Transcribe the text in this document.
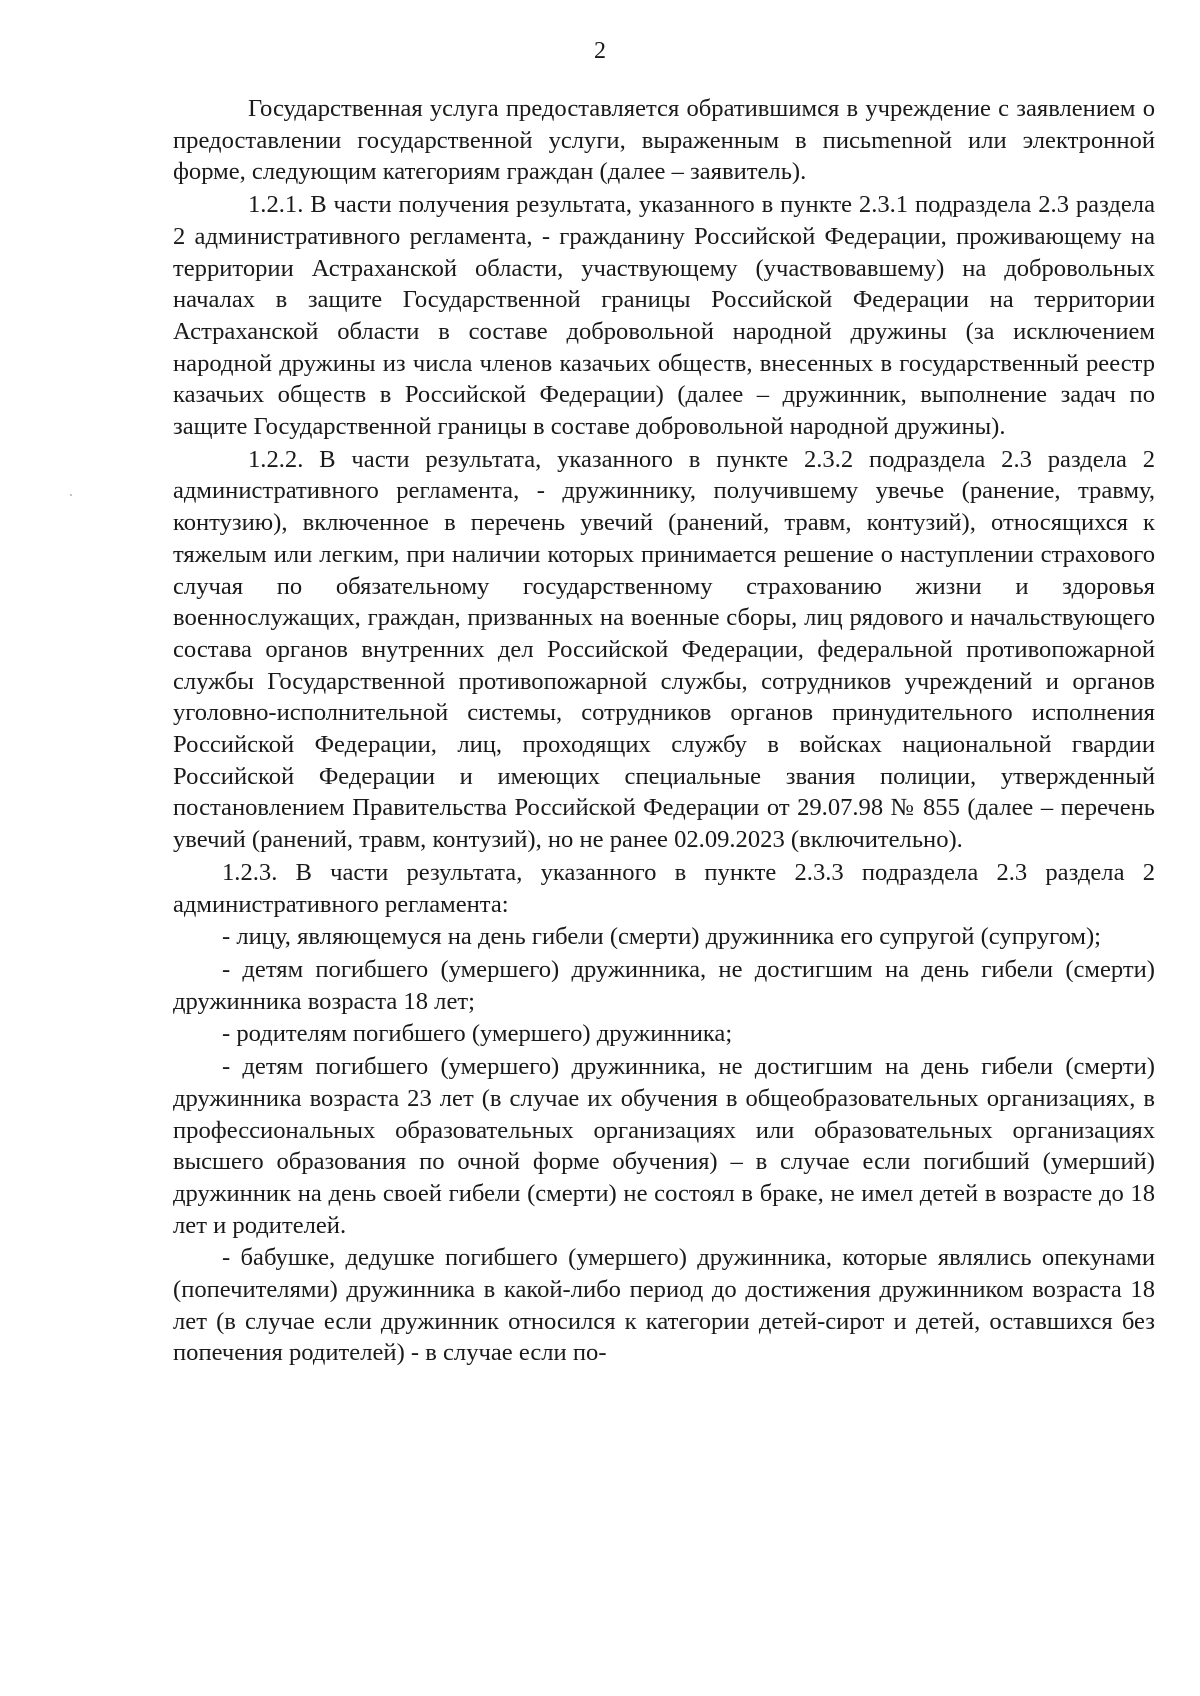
2

Государственная услуга предоставляется обратившимся в учреждение с заявлением о предоставлении государственной услуги, выраженным в письmenной или электронной форме, следующим категориям граждан (далее – заявитель).

1.2.1. В части получения результата, указанного в пункте 2.3.1 подраздела 2.3 раздела 2 административного регламента, - гражданину Российской Федерации, проживающему на территории Астраханской области, участвующему (участвовавшему) на добровольных началах в защите Государственной границы Российской Федерации на территории Астраханской области в составе добровольной народной дружины (за исключением народной дружины из числа членов казачьих обществ, внесенных в государственный реестр казачьих обществ в Российской Федерации) (далее – дружинник, выполнение задач по защите Государственной границы в составе добровольной народной дружины).

1.2.2. В части результата, указанного в пункте 2.3.2 подраздела 2.3 раздела 2 административного регламента, - дружиннику, получившему увечье (ранение, травму, контузию), включенное в перечень увечий (ранений, травм, контузий), относящихся к тяжелым или легким, при наличии которых принимается решение о наступлении страхового случая по обязательному государственному страхованию жизни и здоровья военнослужащих, граждан, призванных на военные сборы, лиц рядового и начальствующего состава органов внутренних дел Российской Федерации, федеральной противопожарной службы Государственной противопожарной службы, сотрудников учреждений и органов уголовно-исполнительной системы, сотрудников органов принудительного исполнения Российской Федерации, лиц, проходящих службу в войсках национальной гвардии Российской Федерации и имеющих специальные звания полиции, утвержденный постановлением Правительства Российской Федерации от 29.07.98 № 855 (далее – перечень увечий (ранений, травм, контузий), но не ранее 02.09.2023 (включительно).

1.2.3. В части результата, указанного в пункте 2.3.3 подраздела 2.3 раздела 2 административного регламента:

- лицу, являющемуся на день гибели (смерти) дружинника его супругой (супругом);

- детям погибшего (умершего) дружинника, не достигшим на день гибели (смерти) дружинника возраста 18 лет;

- родителям погибшего (умершего) дружинника;

- детям погибшего (умершего) дружинника, не достигшим на день гибели (смерти) дружинника возраста 23 лет (в случае их обучения в общеобразовательных организациях, в профессиональных образовательных организациях или образовательных организациях высшего образования по очной форме обучения) – в случае если погибший (умерший) дружинник на день своей гибели (смерти) не состоял в браке, не имел детей в возрасте до 18 лет и родителей.

- бабушке, дедушке погибшего (умершего) дружинника, которые являлись опекунами (попечителями) дружинника в какой-либо период до достижения дружинником возраста 18 лет (в случае если дружинник относился к категории детей-сирот и детей, оставшихся без попечения родителей) - в случае если по-
